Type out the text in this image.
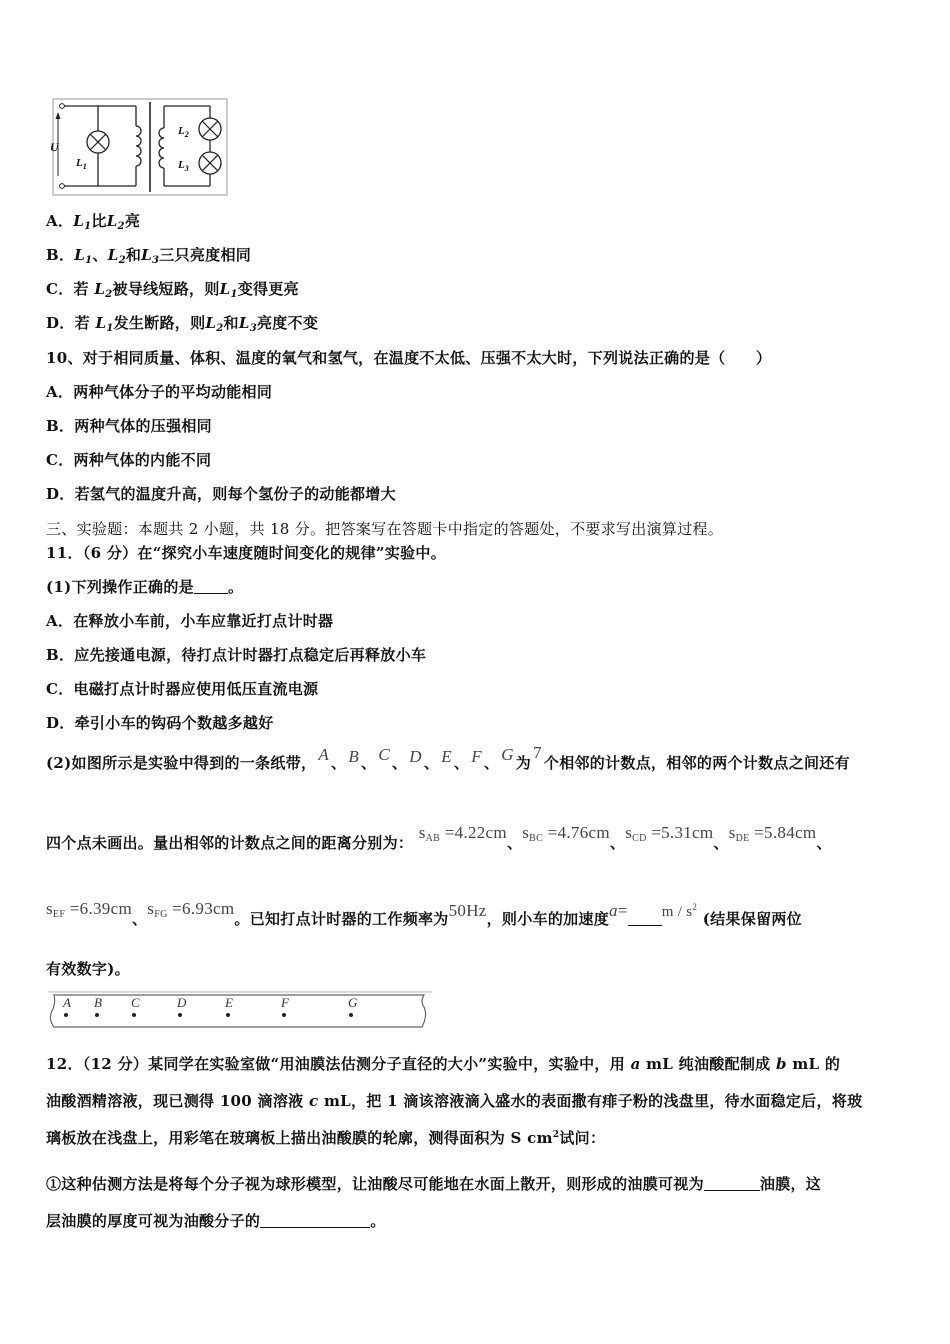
U
$L_1$
$L_2$
$L_3$
A．$L_1$比$L_2$亮
B．$L_1$、$L_2$和$L_3$三只亮度相同
C．若 $L_2$被导线短路，则$L_1$变得更亮
D．若 $L_1$发生断路，则$L_2$和$L_3$亮度不变
10、对于相同质量、体积、温度的氧气和氢气，在温度不太低、压强不太大时，下列说法正确的是（　　）
A．两种气体分子的平均动能相同
B．两种气体的压强相同
C．两种气体的内能不同
D．若氢气的温度升高，则每个氢份子的动能都增大
三、实验题：本题共 2 小题，共 18 分。把答案写在答题卡中指定的答题处，不要求写出演算过程。
11．（6 分）在“探究小车速度随时间变化的规律”实验中。
(1)下列操作正确的是 。
A．在释放小车前，小车应靠近打点计时器
B．应先接通电源，待打点计时器打点稳定后再释放小车
C．电磁打点计时器应使用低压直流电源
D．牵引小车的钩码个数越多越好
(2)如图所示是实验中得到的一条纸带， A 、 B 、 C 、 D 、 E 、 F 、 G 为7个相邻的计数点，相邻的两个计数点之间还有
四个点未画出。量出相邻的计数点之间的距离分别为： $s_{AB} =4.22cm$、$s_{BC} =4.76cm$、$s_{CD} =5.31cm$、$s_{DE} =5.84cm$、
$s_{EF} =6.39cm$、$s_{FG} =6.93cm$。已知打点计时器的工作频率为50Hz，则小车的加速度$a= m / s^2$ (结果保留两位
有效数字)。
A B C	D	E	F	G
12．（12 分）某同学在实验室做“用油膜法估测分子直径的大小”实验中，实验中，用 a mL 纯油酸配制成 b mL 的
油酸酒精溶液，现已测得 100 滴溶液 c mL，把 1 滴该溶液滴入盛水的表面撒有痱子粉的浅盘里，待水面稳定后，将玻
璃板放在浅盘上，用彩笔在玻璃板上描出油酸膜的轮廓，测得面积为 S $cm^2$试问：
①这种估测方法是将每个分子视为球形模型，让油酸尽可能地在水面上散开，则形成的油膜可视为	油膜，这
层油膜的厚度可视为油酸分子的	。
